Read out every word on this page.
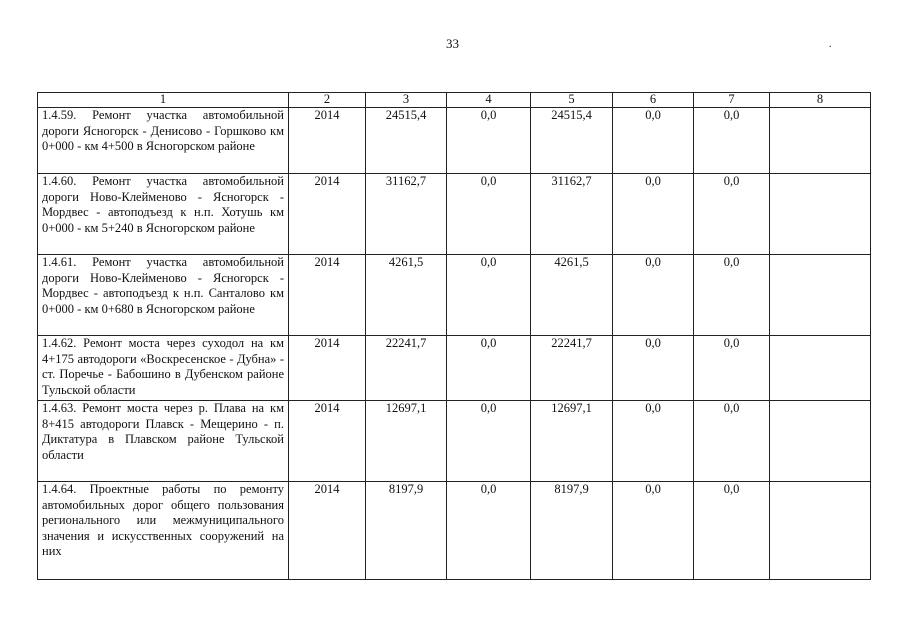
33	.
1	2	3	4	5	6	7	8
1.4.59. Ремонт участка автомобильной дороги Ясногорск - Денисово - Горшково км 0+000 - км 4+500 в Ясногорском районе	2014	24515,4	0,0	24515,4	0,0	0,0	
1.4.60. Ремонт участка автомобильной дороги Ново-Клейменово - Ясногорск - Мордвес - автоподъезд к н.п. Хотушь км 0+000 - км 5+240 в Ясногорском районе	2014	31162,7	0,0	31162,7	0,0	0,0	
1.4.61. Ремонт участка автомобильной дороги Ново-Клейменово - Ясногорск - Мордвес - автоподъезд к н.п. Санталово км 0+000 - км 0+680 в Ясногорском районе	2014	4261,5	0,0	4261,5	0,0	0,0	
1.4.62. Ремонт моста через суходол на км 4+175 автодороги «Воскресенское - Дубна» - ст. Поречье - Бабошино в Дубенском районе Тульской области	2014	22241,7	0,0	22241,7	0,0	0,0	
1.4.63. Ремонт моста через р. Плава на км 8+415 автодороги Плавск - Мещерино - п. Диктатура в Плавском районе Тульской области	2014	12697,1	0,0	12697,1	0,0	0,0	
1.4.64. Проектные работы по ремонту автомобильных дорог общего пользования регионального или межмуниципального значения и искусственных сооружений на них	2014	8197,9	0,0	8197,9	0,0	0,0	
